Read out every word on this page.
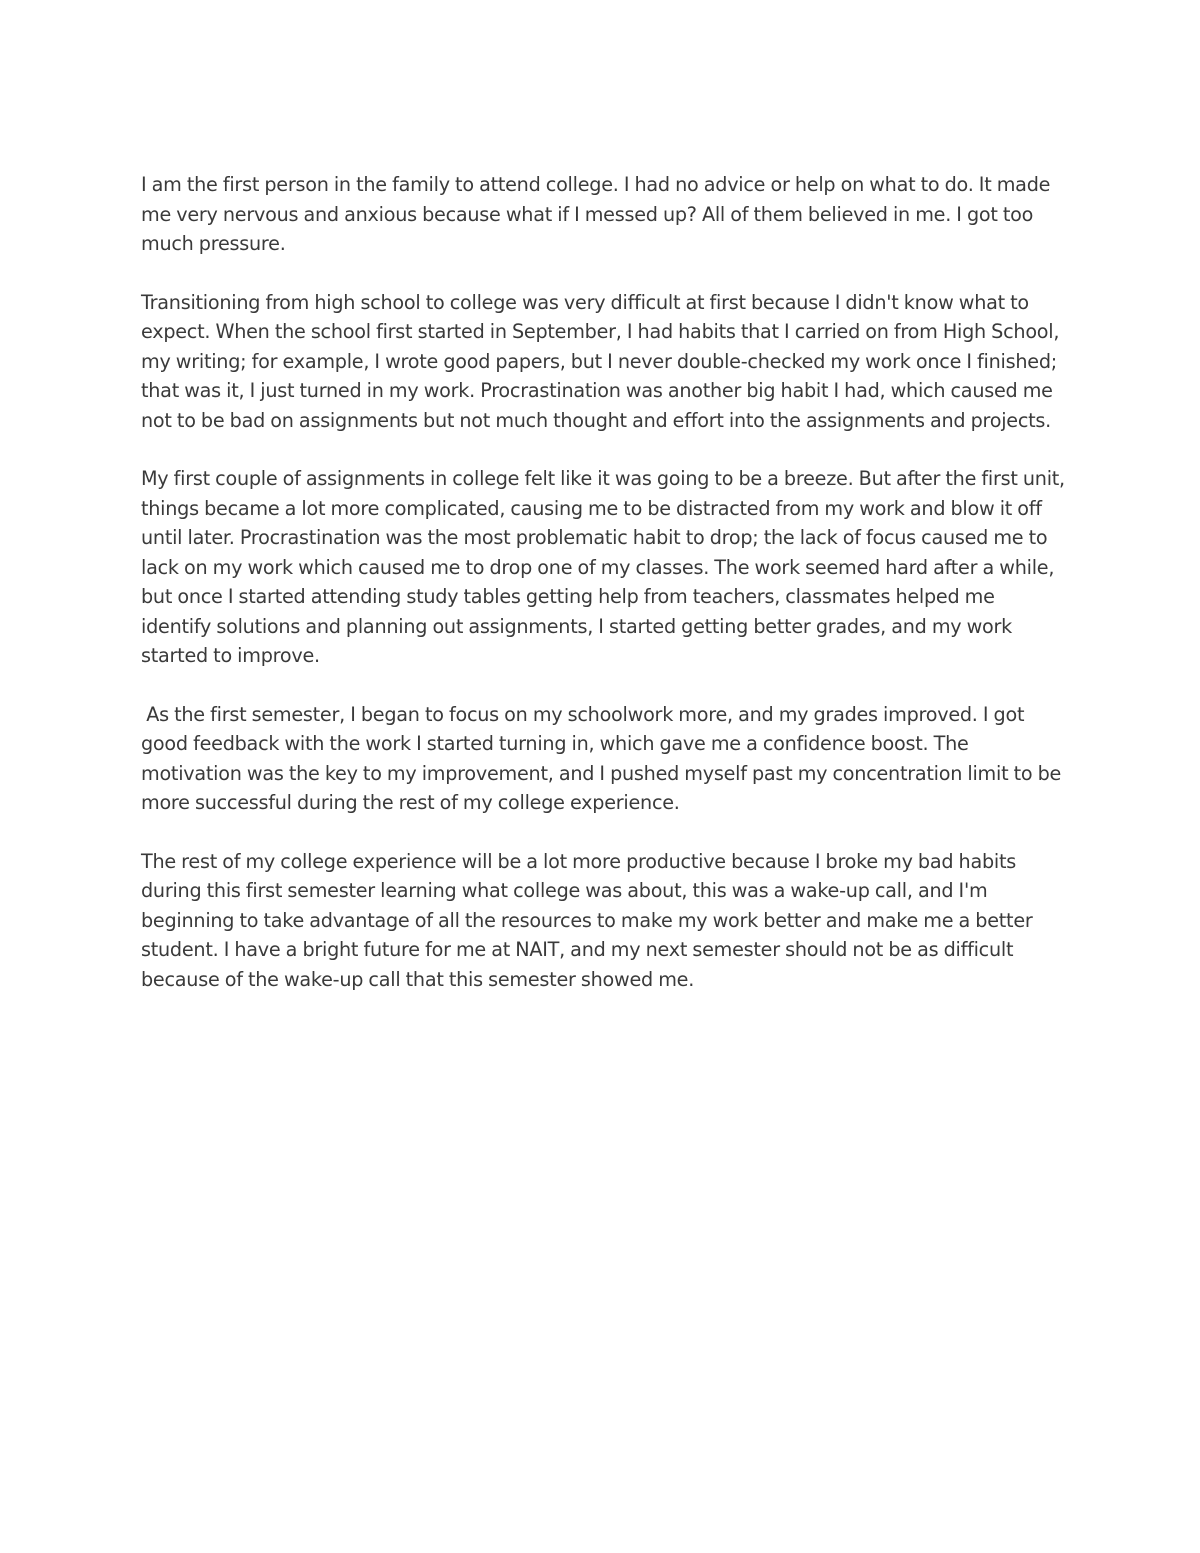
I am the first person in the family to attend college. I had no advice or help on what to do. It made me very nervous and anxious because what if I messed up? All of them believed in me. I got too much pressure.

Transitioning from high school to college was very difficult at first because I didn't know what to expect. When the school first started in September, I had habits that I carried on from High School, my writing; for example, I wrote good papers, but I never double-checked my work once I finished; that was it, I just turned in my work. Procrastination was another big habit I had, which caused me not to be bad on assignments but not much thought and effort into the assignments and projects.

My first couple of assignments in college felt like it was going to be a breeze. But after the first unit, things became a lot more complicated, causing me to be distracted from my work and blow it off until later. Procrastination was the most problematic habit to drop; the lack of focus caused me to lack on my work which caused me to drop one of my classes. The work seemed hard after a while, but once I started attending study tables getting help from teachers, classmates helped me identify solutions and planning out assignments, I started getting better grades, and my work started to improve.

As the first semester, I began to focus on my schoolwork more, and my grades improved. I got good feedback with the work I started turning in, which gave me a confidence boost. The motivation was the key to my improvement, and I pushed myself past my concentration limit to be more successful during the rest of my college experience.

The rest of my college experience will be a lot more productive because I broke my bad habits during this first semester learning what college was about, this was a wake-up call, and I'm beginning to take advantage of all the resources to make my work better and make me a better student. I have a bright future for me at NAIT, and my next semester should not be as difficult because of the wake-up call that this semester showed me.
